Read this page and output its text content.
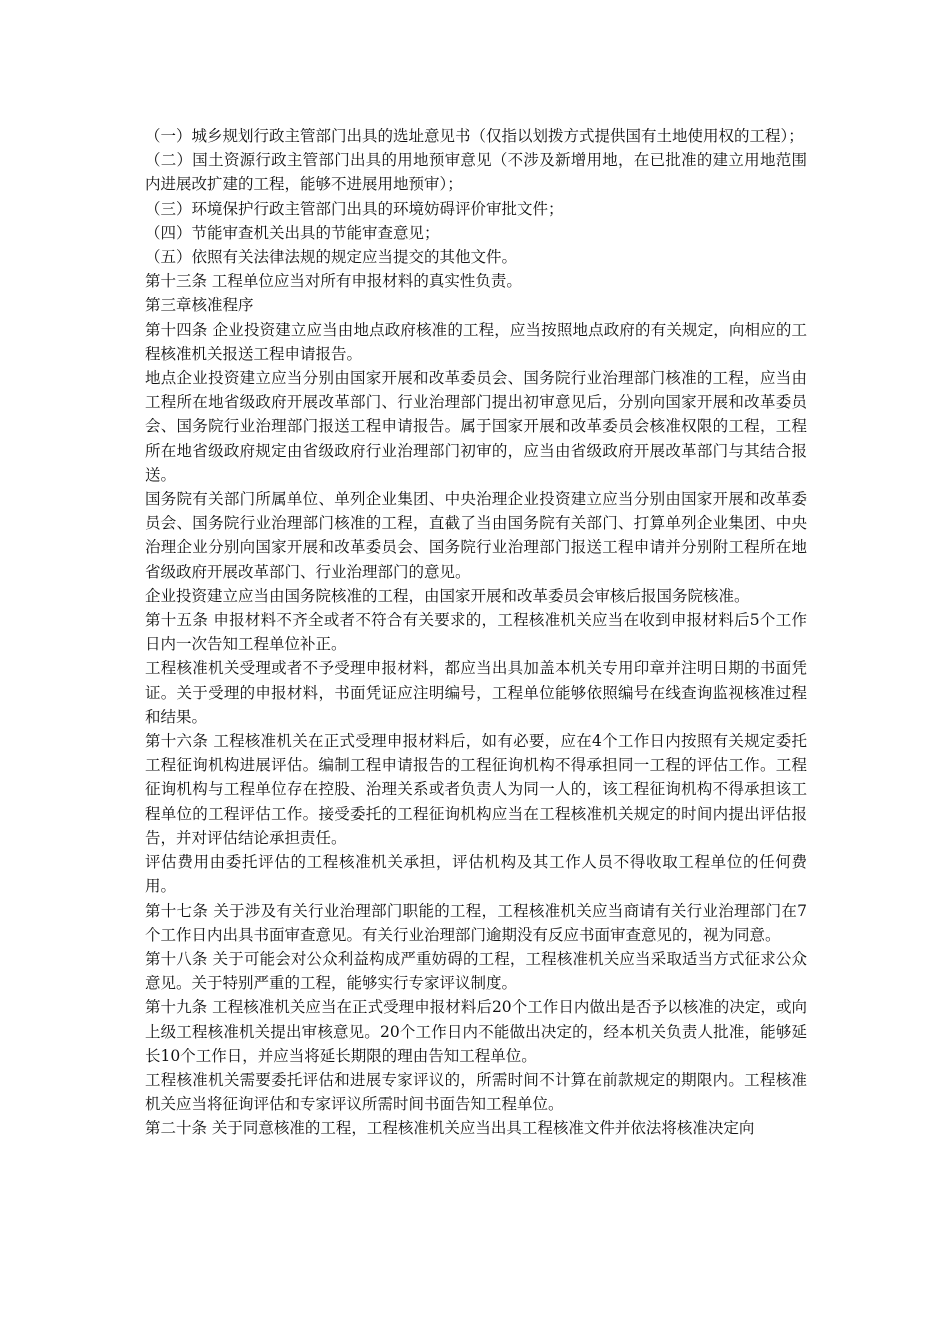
（一）城乡规划行政主管部门出具的选址意见书（仅指以划拨方式提供国有土地使用权的工程）；

（二）国土资源行政主管部门出具的用地预审意见（不涉及新增用地，在已批准的建立用地范围内进展改扩建的工程，能够不进展用地预审）；

（三）环境保护行政主管部门出具的环境妨碍评价审批文件；

（四）节能审查机关出具的节能审查意见；

（五）依照有关法律法规的规定应当提交的其他文件。

第十三条 工程单位应当对所有申报材料的真实性负责。

第三章核准程序

第十四条 企业投资建立应当由地点政府核准的工程，应当按照地点政府的有关规定，向相应的工程核准机关报送工程申请报告。

地点企业投资建立应当分别由国家开展和改革委员会、国务院行业治理部门核准的工程，应当由工程所在地省级政府开展改革部门、行业治理部门提出初审意见后，分别向国家开展和改革委员会、国务院行业治理部门报送工程申请报告。属于国家开展和改革委员会核准权限的工程，工程所在地省级政府规定由省级政府行业治理部门初审的，应当由省级政府开展改革部门与其结合报送。

国务院有关部门所属单位、单列企业集团、中央治理企业投资建立应当分别由国家开展和改革委员会、国务院行业治理部门核准的工程，直截了当由国务院有关部门、打算单列企业集团、中央治理企业分别向国家开展和改革委员会、国务院行业治理部门报送工程申请并分别附工程所在地省级政府开展改革部门、行业治理部门的意见。

企业投资建立应当由国务院核准的工程，由国家开展和改革委员会审核后报国务院核准。

第十五条 申报材料不齐全或者不符合有关要求的，工程核准机关应当在收到申报材料后5个工作日内一次告知工程单位补正。

工程核准机关受理或者不予受理申报材料，都应当出具加盖本机关专用印章并注明日期的书面凭证。关于受理的申报材料，书面凭证应注明编号，工程单位能够依照编号在线查询监视核准过程和结果。

第十六条 工程核准机关在正式受理申报材料后，如有必要，应在4个工作日内按照有关规定委托工程征询机构进展评估。编制工程申请报告的工程征询机构不得承担同一工程的评估工作。工程征询机构与工程单位存在控股、治理关系或者负责人为同一人的，该工程征询机构不得承担该工程单位的工程评估工作。接受委托的工程征询机构应当在工程核准机关规定的时间内提出评估报告，并对评估结论承担责任。

评估费用由委托评估的工程核准机关承担，评估机构及其工作人员不得收取工程单位的任何费用。

第十七条 关于涉及有关行业治理部门职能的工程，工程核准机关应当商请有关行业治理部门在7个工作日内出具书面审查意见。有关行业治理部门逾期没有反应书面审查意见的，视为同意。

第十八条 关于可能会对公众利益构成严重妨碍的工程，工程核准机关应当采取适当方式征求公众意见。关于特别严重的工程，能够实行专家评议制度。

第十九条 工程核准机关应当在正式受理申报材料后20个工作日内做出是否予以核准的决定，或向上级工程核准机关提出审核意见。20个工作日内不能做出决定的，经本机关负责人批准，能够延长10个工作日，并应当将延长期限的理由告知工程单位。

工程核准机关需要委托评估和进展专家评议的，所需时间不计算在前款规定的期限内。工程核准机关应当将征询评估和专家评议所需时间书面告知工程单位。

第二十条 关于同意核准的工程，工程核准机关应当出具工程核准文件并依法将核准决定向
